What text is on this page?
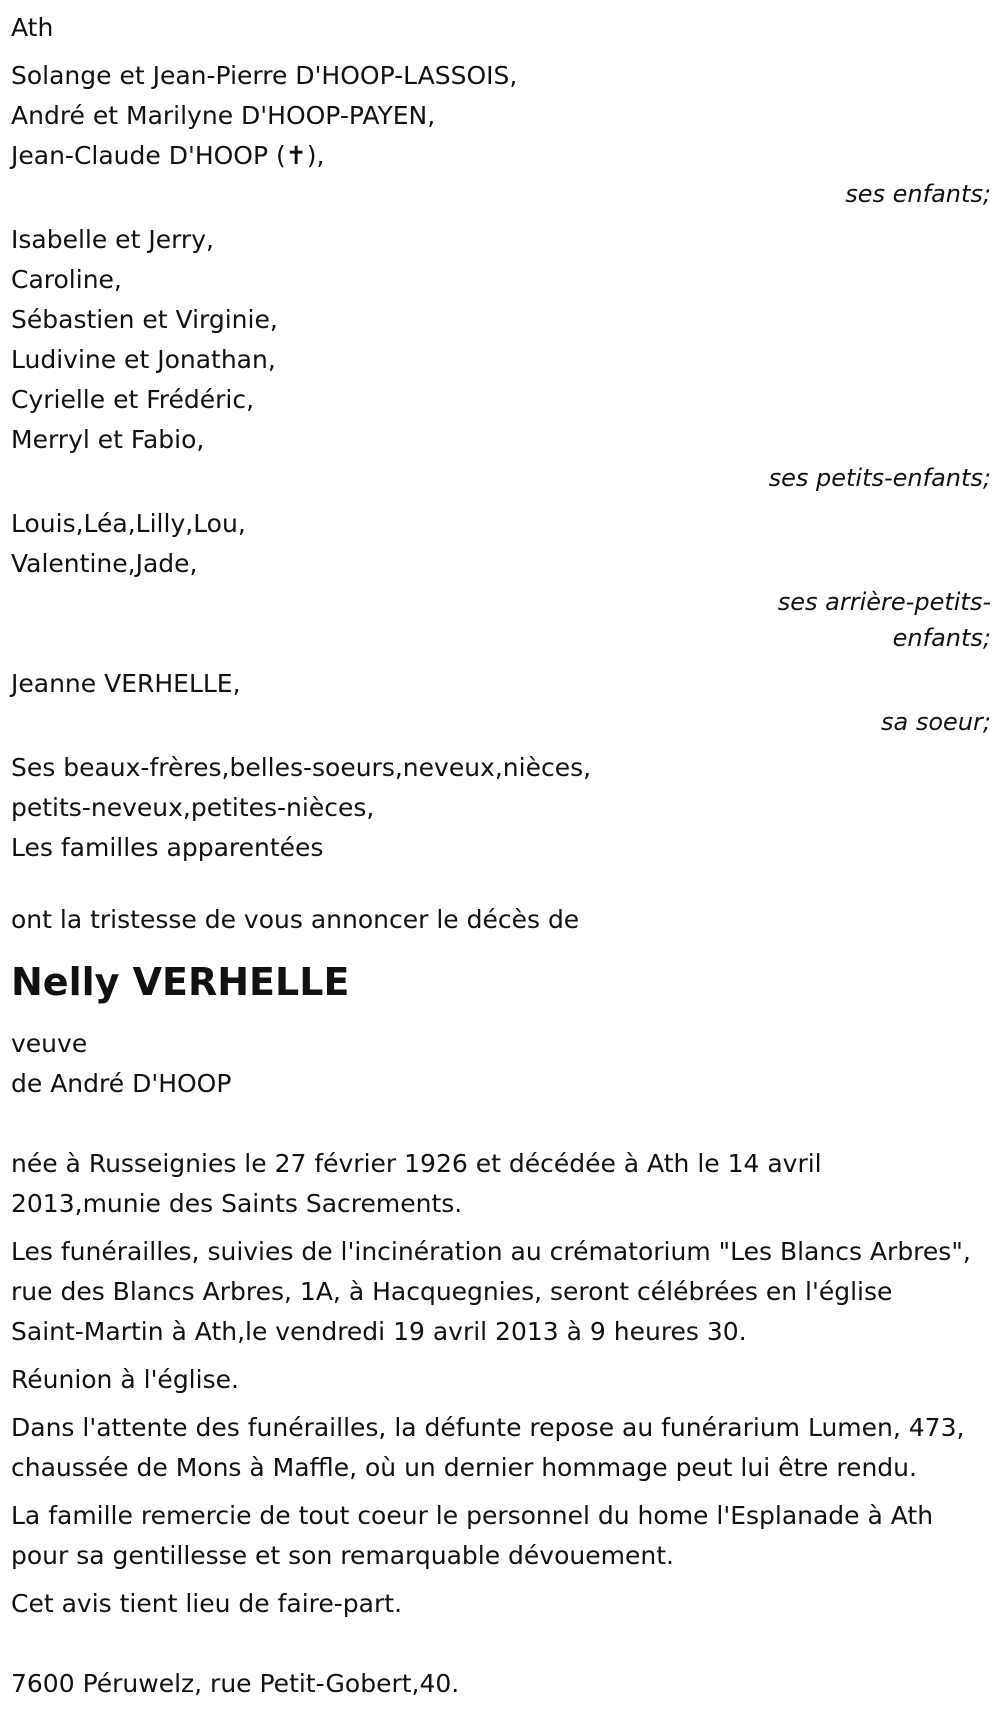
Ath
Solange et Jean-Pierre D'HOOP-LASSOIS,
André et Marilyne D'HOOP-PAYEN,
Jean-Claude D'HOOP (✝),
ses enfants;
Isabelle et Jerry,
Caroline,
Sébastien et Virginie,
Ludivine et Jonathan,
Cyrielle et Frédéric,
Merryl et Fabio,
ses petits-enfants;
Louis,Léa,Lilly,Lou,
Valentine,Jade,
ses arrière-petits-
enfants;
Jeanne VERHELLE,
sa soeur;
Ses beaux-frères,belles-soeurs,neveux,nièces,
petits-neveux,petites-nièces,
Les familles apparentées
ont la tristesse de vous annoncer le décès de
Nelly VERHELLE
veuve
de André D'HOOP
née à Russeignies le 27 février 1926 et décédée à Ath le 14 avril 2013,munie des Saints Sacrements.
Les funérailles, suivies de l'incinération au crématorium "Les Blancs Arbres", rue des Blancs Arbres, 1A, à Hacquegnies, seront célébrées en l'église Saint-Martin à Ath,le vendredi 19 avril 2013 à 9 heures 30.
Réunion à l'église.
Dans l'attente des funérailles, la défunte repose au funérarium Lumen, 473, chaussée de Mons à Maffle, où un dernier hommage peut lui être rendu.
La famille remercie de tout coeur le personnel du home l'Esplanade à Ath pour sa gentillesse et son remarquable dévouement.
Cet avis tient lieu de faire-part.
7600 Péruwelz, rue Petit-Gobert,40.
